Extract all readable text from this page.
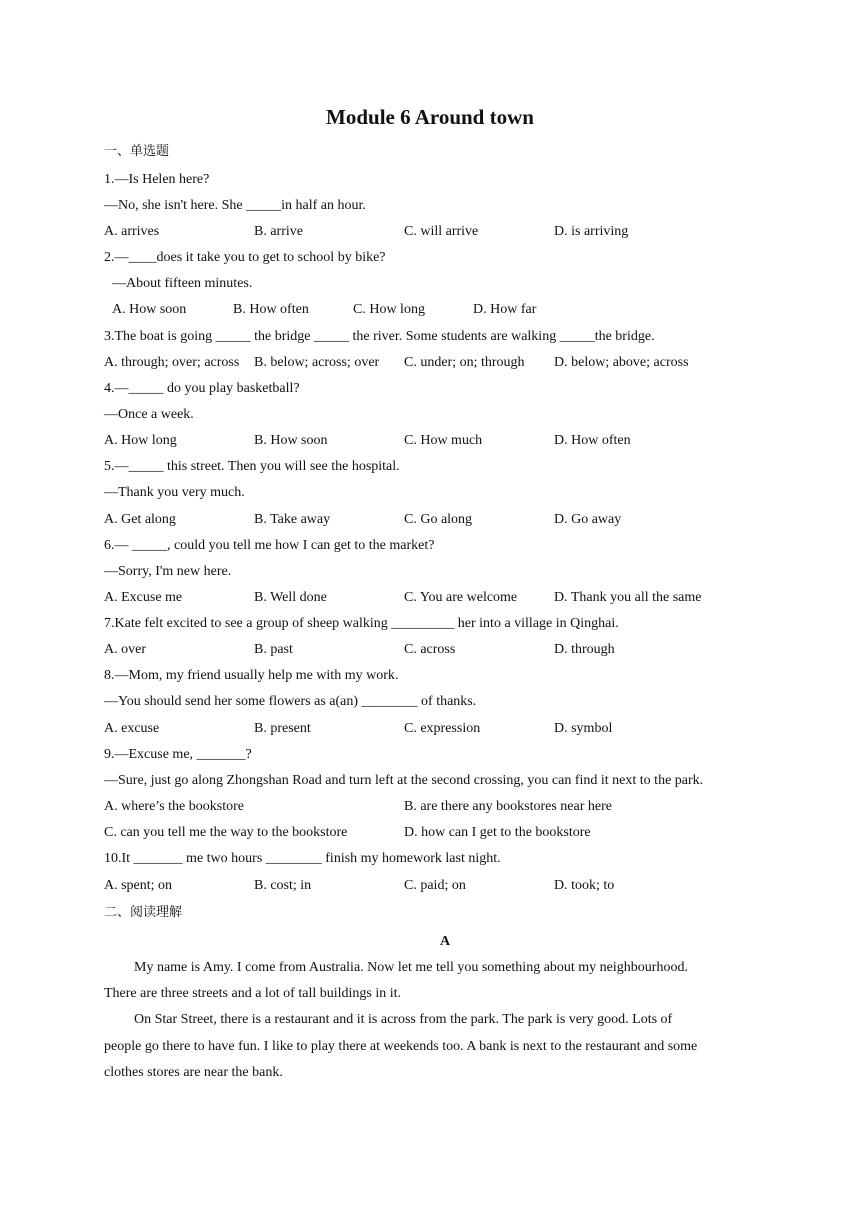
Module 6 Around town
一、单选题
1.—Is Helen here?
—No, she isn't here. She _____in half an hour.
A. arrives	B. arrive	C. will arrive	D. is arriving
2.—____does it take you to get to school by bike?
—About fifteen minutes.
A. How soon	B. How often	C. How long	D. How far
3.The boat is going _____ the bridge _____ the river. Some students are walking _____the bridge.
A. through; over; across B. below; across; over C. under; on; through D. below; above; across
4.—_____ do you play basketball?
—Once a week.
A. How long	B. How soon	C. How much	D. How often
5.—_____ this street. Then you will see the hospital.
—Thank you very much.
A. Get along	B. Take away	C. Go along	D. Go away
6.— _____, could you tell me how I can get to the market?
—Sorry, I'm new here.
A. Excuse me	B. Well done	C. You are welcome	D. Thank you all the same
7.Kate felt excited to see a group of sheep walking _________ her into a village in Qinghai.
A. over	B. past	C. across	D. through
8.—Mom, my friend usually help me with my work.
—You should send her some flowers as a(an) ________ of thanks.
A. excuse	B. present	C. expression	D. symbol
9.—Excuse me, _______?
—Sure, just go along Zhongshan Road and turn left at the second crossing, you can find it next to the park.
A. where’s the bookstore	B. are there any bookstores near here
C. can you tell me the way to the bookstore	D. how can I get to the bookstore
10.It _______ me two hours ________ finish my homework last night.
A. spent; on	B. cost; in	C. paid; on	D. took; to
二、阅读理解
A
My name is Amy. I come from Australia. Now let me tell you something about my neighbourhood.
There are three streets and a lot of tall buildings in it.
On Star Street, there is a restaurant and it is across from the park. The park is very good. Lots of
people go there to have fun. I like to play there at weekends too. A bank is next to the restaurant and some
clothes stores are near the bank.
